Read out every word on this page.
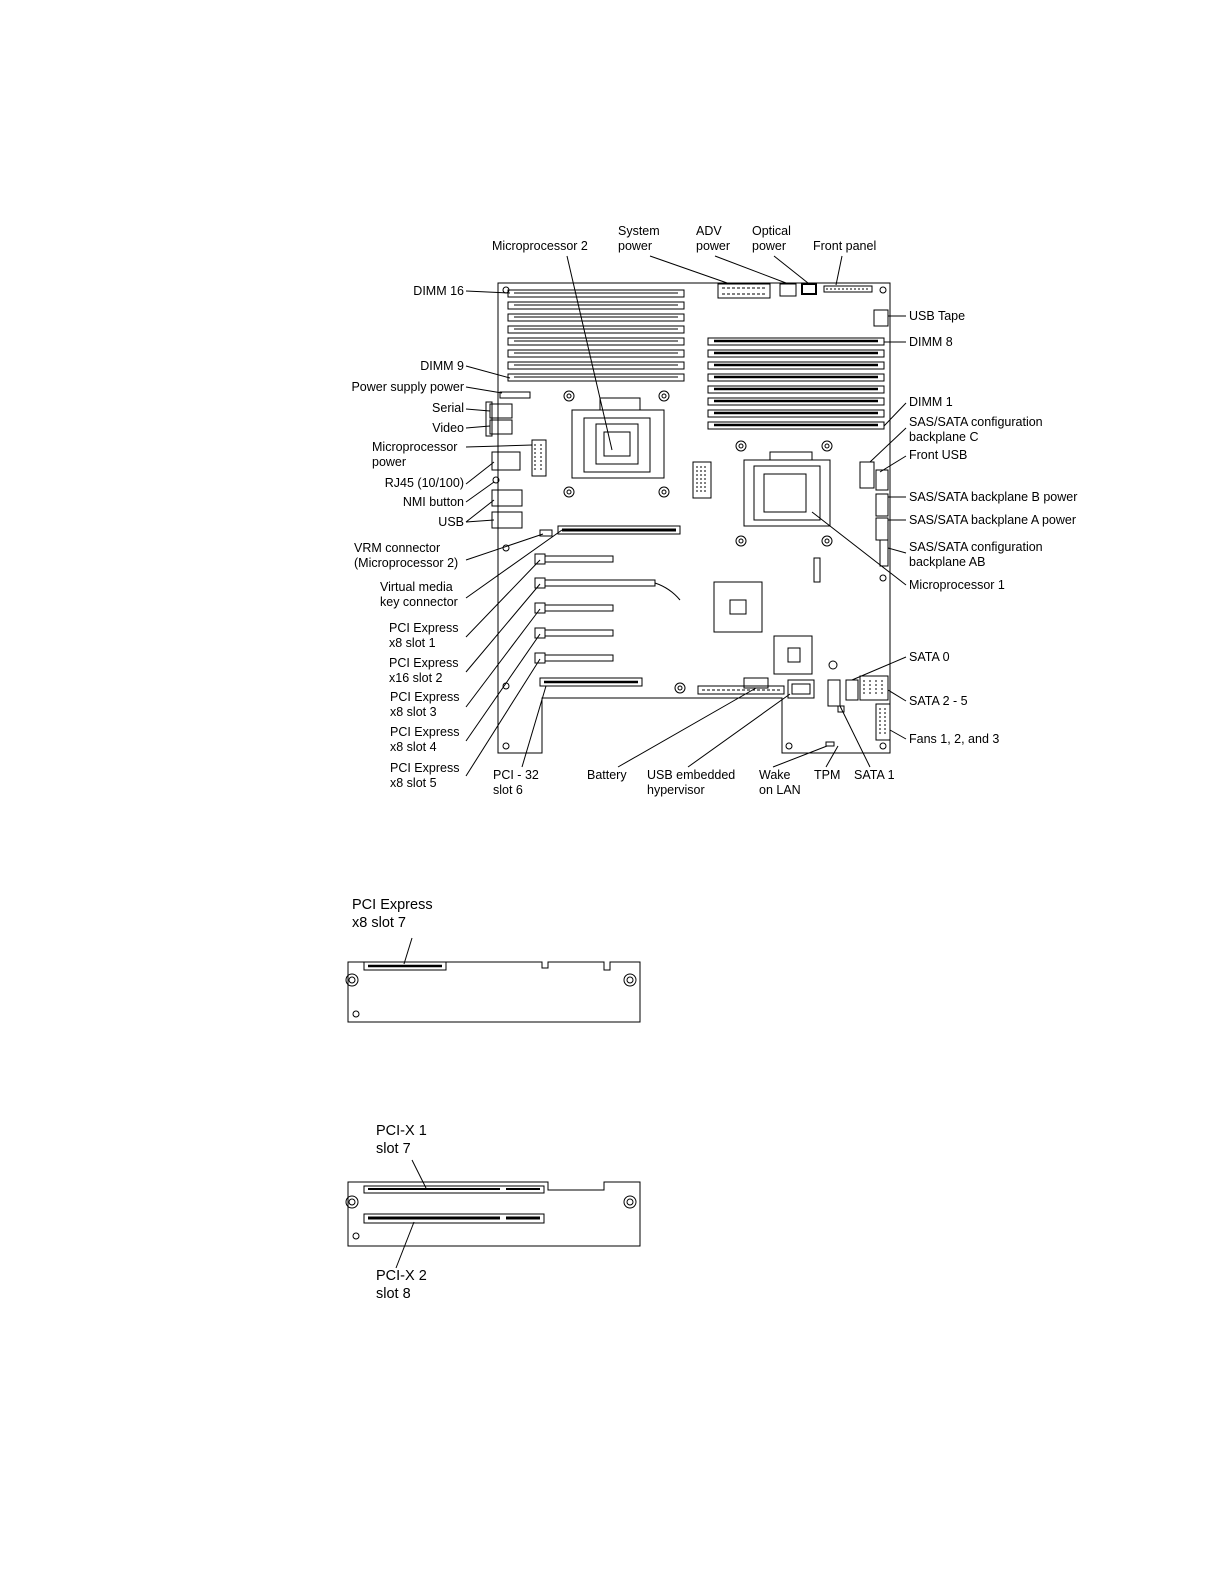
Microprocessor 2
System
power
ADV
power
Optical
power	Front panel
DIMM 16
DIMM 9
Power supply power
Serial
Video
Microprocessor
power
RJ45 (10/100)
NMI button
USB
VRM connector
(Microprocessor 2)
Virtual media
key connector
PCI Express
x8 slot 1
PCI Express
x16 slot 2
PCI Express
x8 slot 3
PCI Express
x8 slot 4
PCI Express
x8 slot 5
PCI - 32
slot 6
Battery USB embedded
hypervisor
Wake
on LAN
TPM SATA 1
USB Tape
DIMM 8
DIMM 1
SAS/SATA configuration
backplane C
Front USB
SAS/SATA backplane B power
SAS/SATA backplane A power
SAS/SATA configuration
backplane AB
Microprocessor 1
SATA 0
SATA 2 - 5
Fans 1, 2, and 3
PCI Express
x8 slot 7
PCI-X 1
slot 7
PCI-X 2
slot 8
